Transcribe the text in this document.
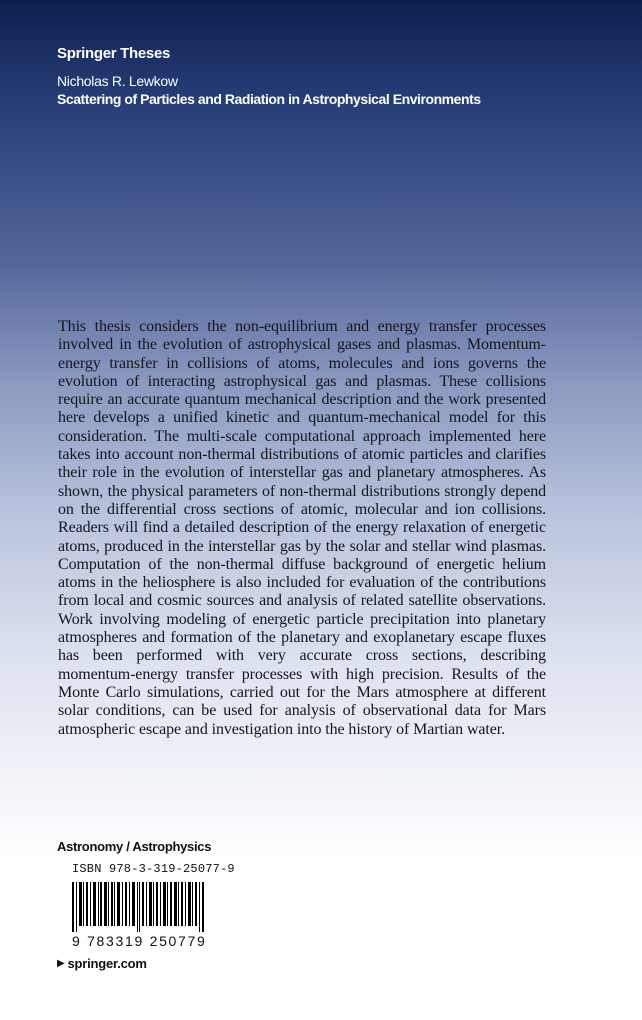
Springer Theses
Nicholas R. Lewkow
Scattering of Particles and Radiation in Astrophysical Environments

This thesis considers the non-equilibrium and energy transfer processes involved in the evolution of astrophysical gases and plasmas. Momentum-energy transfer in collisions of atoms, molecules and ions governs the evolution of interacting astrophysical gas and plasmas. These collisions require an accurate quantum mechanical description and the work presented here develops a unified kinetic and quantum-mechanical model for this consideration. The multi-scale computational approach implemented here takes into account non-thermal distributions of atomic particles and clarifies their role in the evolution of interstellar gas and planetary atmospheres. As shown, the physical parameters of non-thermal distributions strongly depend on the differential cross sections of atomic, molecular and ion collisions. Readers will find a detailed description of the energy relaxation of energetic atoms, produced in the interstellar gas by the solar and stellar wind plasmas. Computation of the non-thermal diffuse background of energetic helium atoms in the heliosphere is also included for evaluation of the contributions from local and cosmic sources and analysis of related satellite observations. Work involving modeling of energetic particle precipitation into planetary atmospheres and formation of the planetary and exoplanetary escape fluxes has been performed with very accurate cross sections, describing momentum-energy transfer processes with high precision. Results of the Monte Carlo simulations, carried out for the Mars atmosphere at different solar conditions, can be used for analysis of observational data for Mars atmospheric escape and investigation into the history of Martian water.

Astronomy / Astrophysics
ISBN 978-3-319-25077-9
9 783319 250779
▶ springer.com
